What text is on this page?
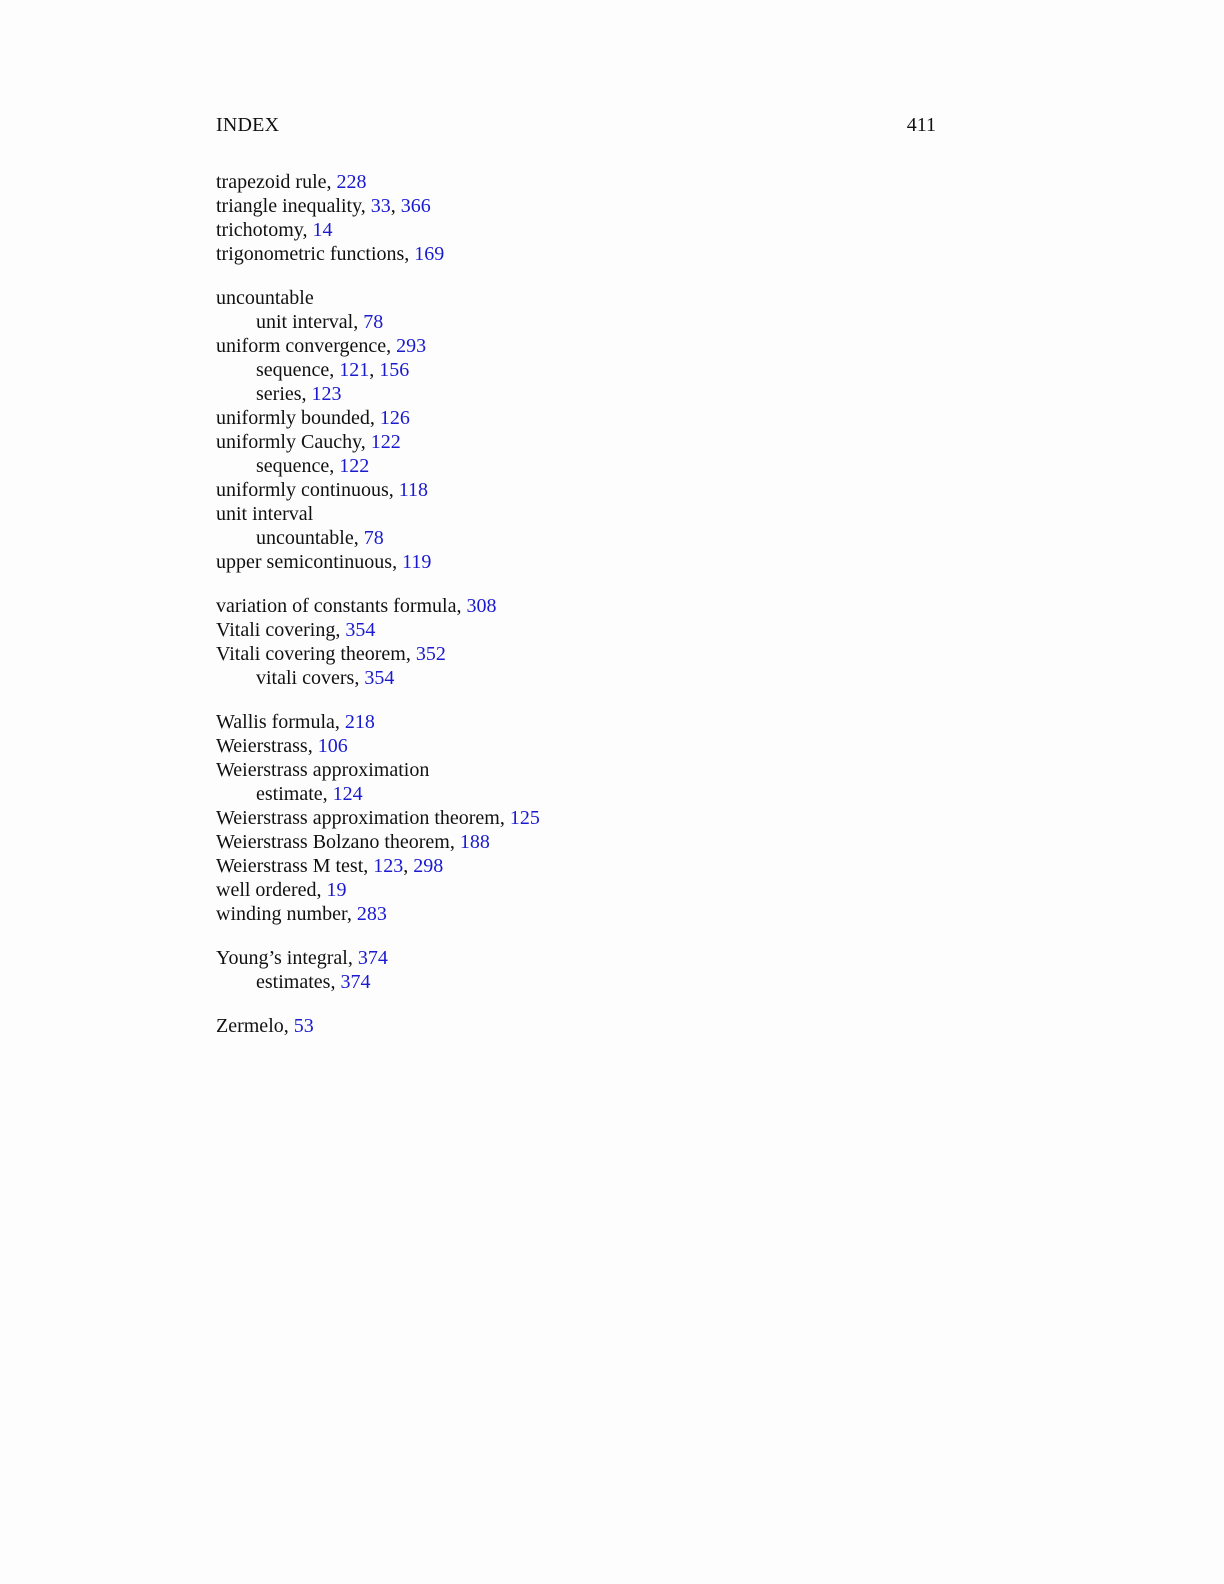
INDEX	411
trapezoid rule, 228
triangle inequality, 33, 366
trichotomy, 14
trigonometric functions, 169
uncountable
unit interval, 78
uniform convergence, 293
sequence, 121, 156
series, 123
uniformly bounded, 126
uniformly Cauchy, 122
sequence, 122
uniformly continuous, 118
unit interval
uncountable, 78
upper semicontinuous, 119
variation of constants formula, 308
Vitali covering, 354
Vitali covering theorem, 352
vitali covers, 354
Wallis formula, 218
Weierstrass, 106
Weierstrass approximation
estimate, 124
Weierstrass approximation theorem, 125
Weierstrass Bolzano theorem, 188
Weierstrass M test, 123, 298
well ordered, 19
winding number, 283
Young’s integral, 374
estimates, 374
Zermelo, 53
